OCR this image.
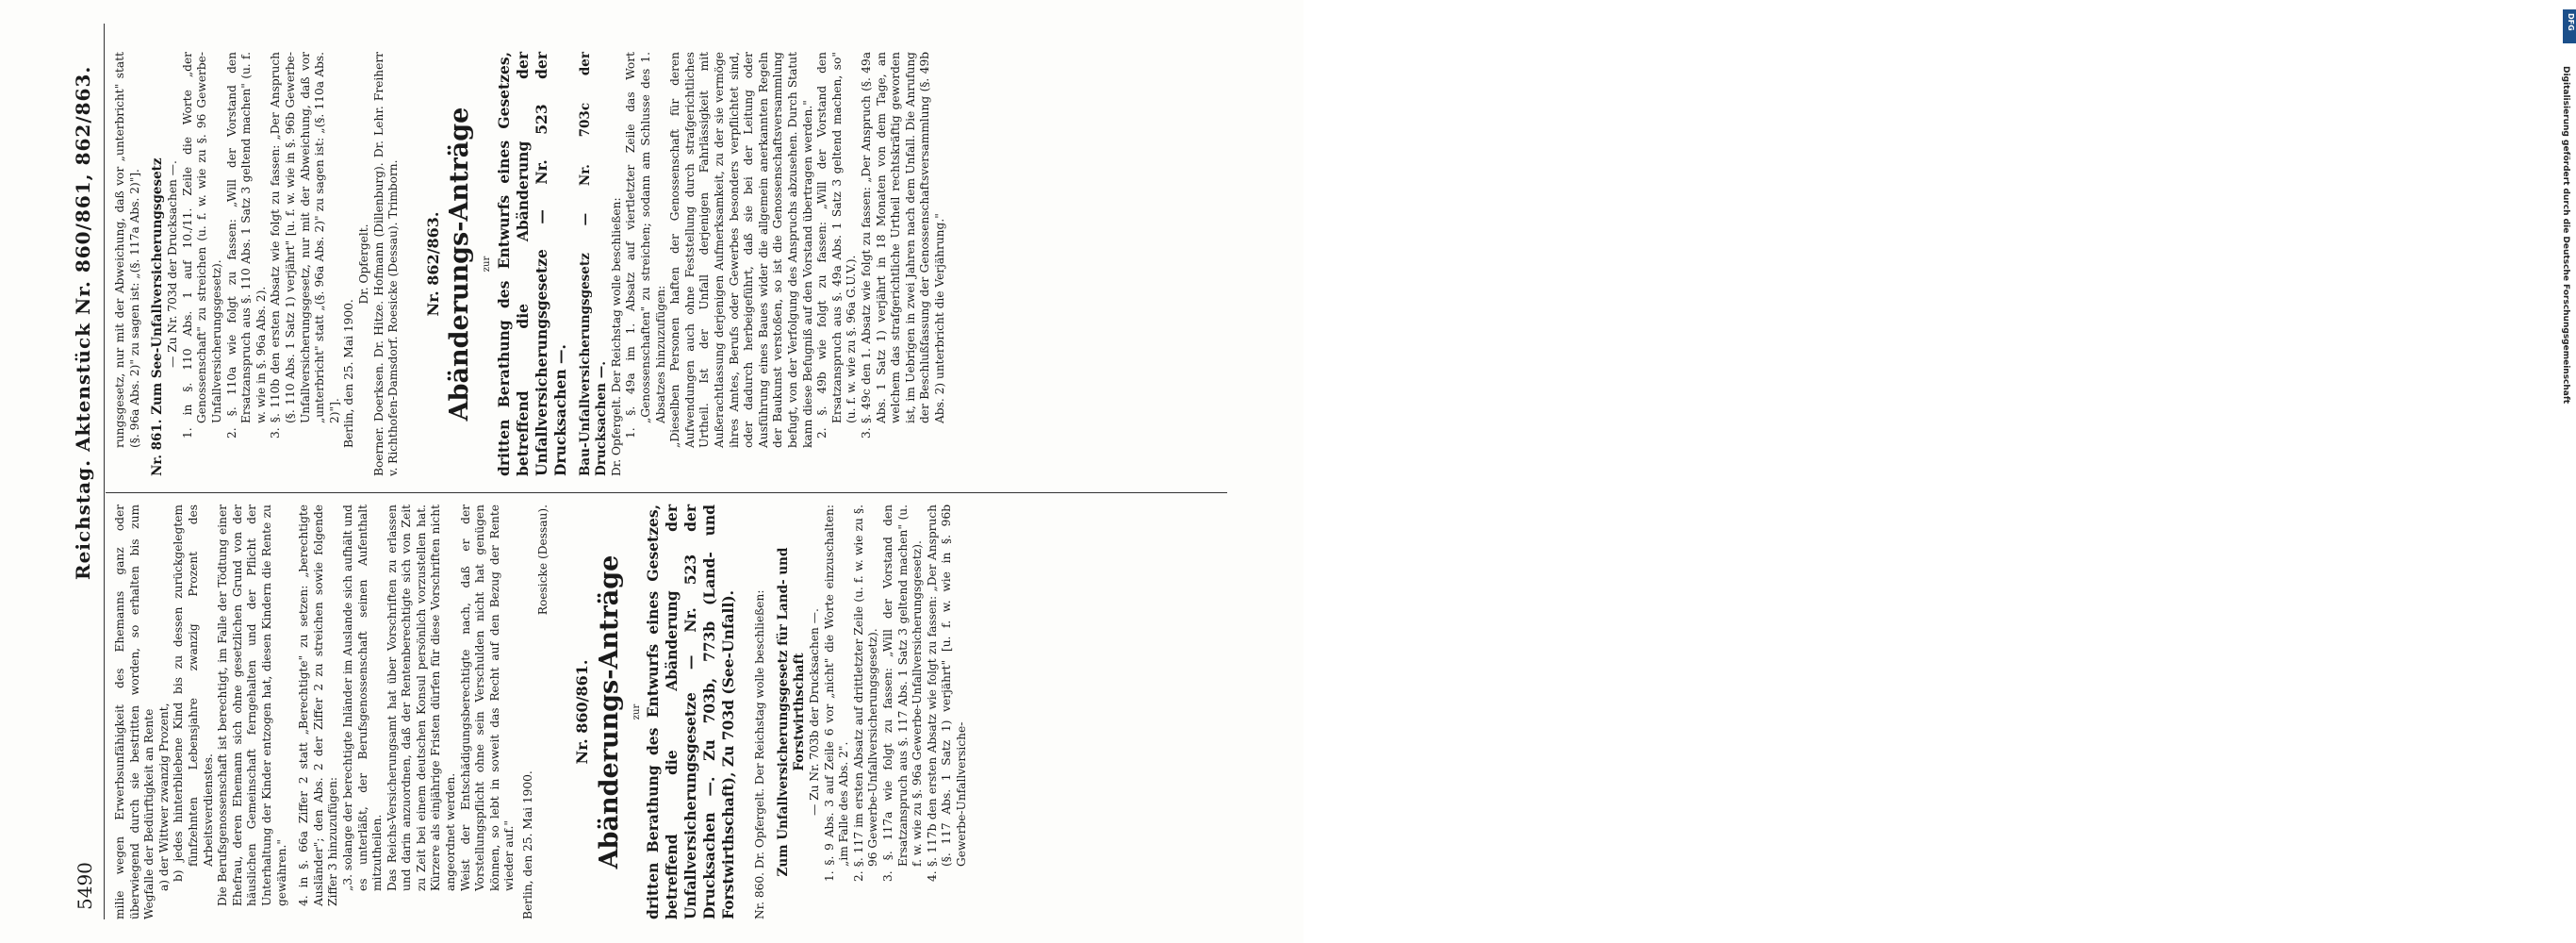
5490
Reichstag. Aktenstück Nr. 860/861, 862/863.

milie wegen Erwerbsunfähigkeit des Ehemanns ganz oder überwiegend durch sie bestritten worden, so erhalten bis zum Wegfalle der Bedürftigkeit an Rente a) der Wittwer zwanzig Prozent, b) jedes hinterbliebene Kind bis zu dessen zurückgelegtem fünfzehnten Lebensjahre zwanzig Prozent des Arbeitsverdienstes. Die Berufsgenossenschaft ist berechtigt, im Falle der Tödtung einer Ehefrau, deren Ehemann sich ohne gesetzlichen Grund von der häuslichen Gemeinschaft ferngehalten und der Pflicht der Unterhaltung der Kinder entzogen hat, diesen Kindern die Rente zu gewähren." 4. in §. 66a Ziffer 2 statt „Berechtigte" zu setzen: „berechtigte Ausländer"; den Abs. 2 der Ziffer 2 zu streichen sowie folgende Ziffer 3 hinzuzufügen: „3. solange der berechtigte Inländer im Auslande sich aufhält und es unterläßt, der Berufsgenossenschaft seinen Aufenthalt mitzutheilen. Das Reichs-Versicherungsamt hat über Vorschriften zu erlassen und darin anzuordnen, daß der Rentenberechtigte sich von Zeit zu Zeit bei einem deutschen Konsul persönlich vorzustellen hat. Kürzere als einjährige Fristen dürfen für diese Vorschriften nicht angeordnet werden. Weist der Entschädigungsberechtigte nach, daß er der Vorstellungspflicht ohne sein Verschulden nicht hat genügen können, so lebt in soweit das Recht auf den Bezug der Rente wieder auf." Berlin, den 25. Mai 1900.

Roesicke (Dessau).

Nr. 860/861. Abänderungs-Anträge zur dritten Berathung des Entwurfs eines Gesetzes, betreffend die Abänderung der Unfallversicherungsgesetze — Nr. 523 der Drucksachen —. Zu 703b, 773b (Land- und Forstwirthschaft), Zu 703d (See-Unfall). Nr. 860. Dr. Opfergelt. Der Reichstag wolle beschließen: Zum Unfallversicherungsgesetz für Land- und Forstwirthschaft — Zu Nr. 703b der Drucksachen —. 1. §. 9 Abs. 3 auf Zeile 6 vor „nicht" die Worte einzuschalten: „im Falle des Abs. 2". 2. §. 117 im ersten Absatz auf drittletzter Zeile (u. f. w. wie zu §. 96 Gewerbe-Unfallversicherungsgesetz). 3. §. 117a wie folgt zu fassen: „Will der Vorstand den Ersatzanspruch aus §. 117 Abs. 1 Satz 3 geltend machen" (u. f. w. wie zu §. 96a Gewerbe-Unfallversicherungsgesetz). 4. §. 117b den ersten Absatz wie folgt zu fassen: „Der Anspruch (§. 117 Abs. 1 Satz 1) verjährt" [u. f. w. wie in §. 96b Gewerbe-Unfallversiche-

rungsgesetz, nur mit der Abweichung, daß vor „unterbricht" statt (§. 96a Abs. 2)" zu sagen ist: „(§. 117a Abs. 2)"]. Nr. 861. Zum See-Unfallversicherungsgesetz — Zu Nr. 703d der Drucksachen —. 1. in §. 110 Abs. 1 auf 10./11. Zeile die Worte „der Genossenschaft" zu streichen (u. f. w. wie zu §. 96 Gewerbe-Unfallversicherungsgesetz). 2. §. 110a wie folgt zu fassen: „Will der Vorstand den Ersatzanspruch aus §. 110 Abs. 1 Satz 3 geltend machen" (u. f. w. wie in §. 96a Abs. 2). 3. §. 110b den ersten Absatz wie folgt zu fassen: „Der Anspruch (§. 110 Abs. 1 Satz 1) verjährt" [u. f. w. wie in §. 96b Gewerbe-Unfallversicherungsgesetz, nur mit der Abweichung, daß vor „unterbricht" statt „(§. 96a Abs. 2)" zu sagen ist: „(§. 110a Abs. 2)"]. Berlin, den 25. Mai 1900.

Dr. Opfergelt. Boerner. Doerksen. Dr. Hitze. Hofmann (Dillenburg). Dr. Lehr. Freiherr v. Richthofen-Damsdorf. Roesicke (Dessau). Trimborn. Nr. 862/863. Abänderungs-Anträge zur dritten Berathung des Entwurfs eines Gesetzes, betreffend die Abänderung der Unfallversicherungsgesetze — Nr. 523 der Drucksachen —. Bau-Unfallversicherungsgesetz — Nr. 703c der Drucksachen —. Dr. Opfergelt. Der Reichstag wolle beschließen: 1. §. 49a im 1. Absatz auf viertletzter Zeile das Wort „Genossenschaften" zu streichen; sodann am Schlusse des 1. Absatzes hinzuzufügen: „Dieselben Personen haften der Genossenschaft für deren Aufwendungen auch ohne Feststellung durch strafgerichtliches Urtheil. Ist der Unfall derjenigen Fahrlässigkeit mit Außerachtlassung derjenigen Aufmerksamkeit, zu der sie vermöge ihres Amtes, Berufs oder Gewerbes besonders verpflichtet sind, oder dadurch herbeigeführt, daß sie bei der Leitung oder Ausführung eines Baues wider die allgemein anerkannten Regeln der Baukunst verstoßen, so ist die Genossenschaftsversammlung befugt, von der Verfolgung des Anspruchs abzusehen. Durch Statut kann diese Befugniß auf den Vorstand übertragen werden." 2. §. 49b wie folgt zu fassen: „Will der Vorstand den Ersatzanspruch aus §. 49a Abs. 1 Satz 3 geltend machen, so" (u. f. w. wie zu §. 96a G.U.V.). 3. §. 49c den 1. Absatz wie folgt zu fassen: „Der Anspruch (§. 49a Abs. 1 Satz 1) verjährt in 18 Monaten von dem Tage, an welchem das strafgerichtliche Urtheil rechtskräftig geworden ist, im Uebrigen in zwei Jahren nach dem Unfall. Die Anrufung der Beschlußfassung der Genossenschaftsversammlung (§. 49b Abs. 2) unterbricht die Verjährung."

DFG
Digitalisierung gefördert durch die Deutsche Forschungsgemeinschaft
